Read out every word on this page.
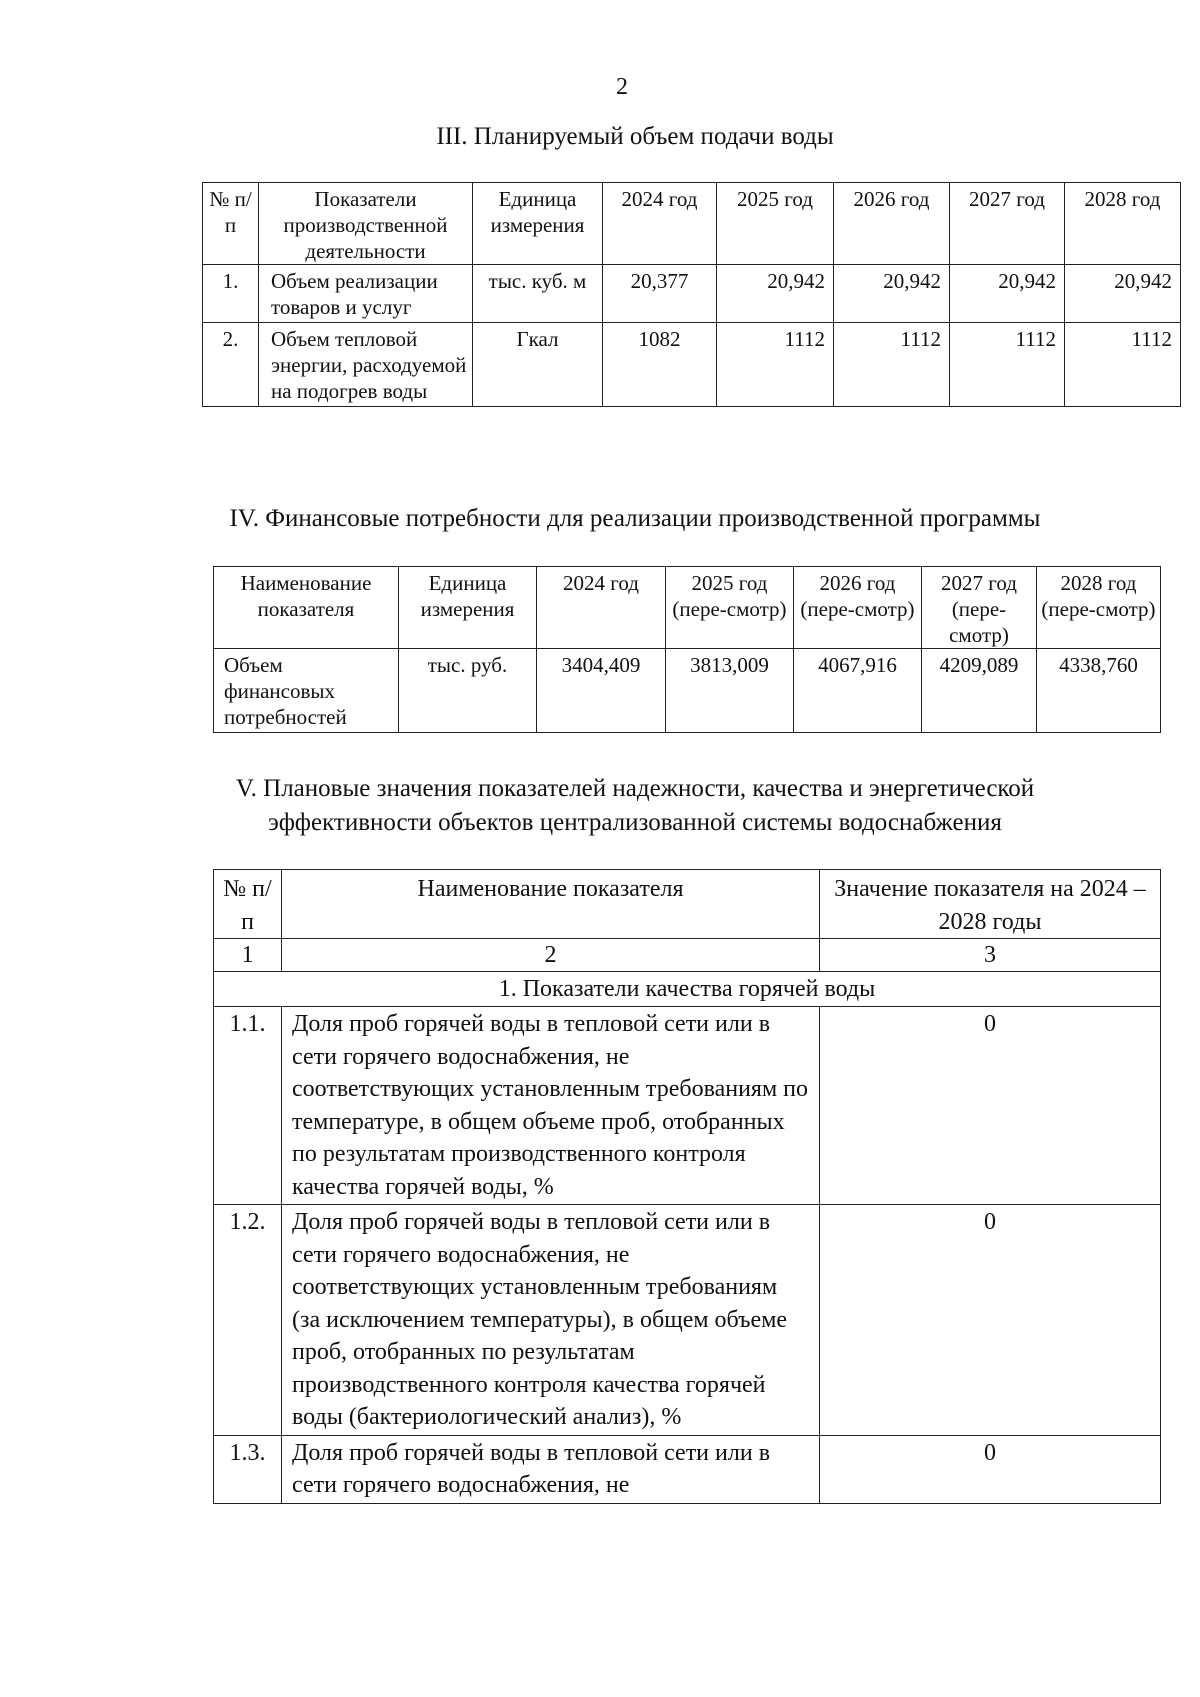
2
III. Планируемый объем подачи воды
№ п/п	Показатели производственной деятельности	Единица измерения	2024 год	2025 год	2026 год	2027 год	2028 год
1.	Объем реализации товаров и услуг	тыс. куб. м	20,377	20,942	20,942	20,942	20,942
2.	Объем тепловой энергии, расходуемой на подогрев воды	Гкал	1082	1112	1112	1112	1112
IV. Финансовые потребности для реализации производственной программы
Наименование показателя	Единица измерения	2024 год	2025 год (пере-смотр)	2026 год (пере-смотр)	2027 год (пере-смотр)	2028 год (пере-смотр)
Объем финансовых потребностей	тыс. руб.	3404,409	3813,009	4067,916	4209,089	4338,760
V. Плановые значения показателей надежности, качества и энергетической
эффективности объектов централизованной системы водоснабжения
№ п/п	Наименование показателя	Значение показателя на 2024 – 2028 годы
1	2	3
1. Показатели качества горячей воды		
1.1.	Доля проб горячей воды в тепловой сети или в сети горячего водоснабжения, не соответствующих установленным требованиям по температуре, в общем объеме проб, отобранных по результатам производственного контроля качества горячей воды, %	0
1.2.	Доля проб горячей воды в тепловой сети или в сети горячего водоснабжения, не соответствующих установленным требованиям (за исключением температуры), в общем объеме проб, отобранных по результатам производственного контроля качества горячей воды (бактериологический анализ), %	0
1.3.	Доля проб горячей воды в тепловой сети или в сети горячего водоснабжения, не	0
